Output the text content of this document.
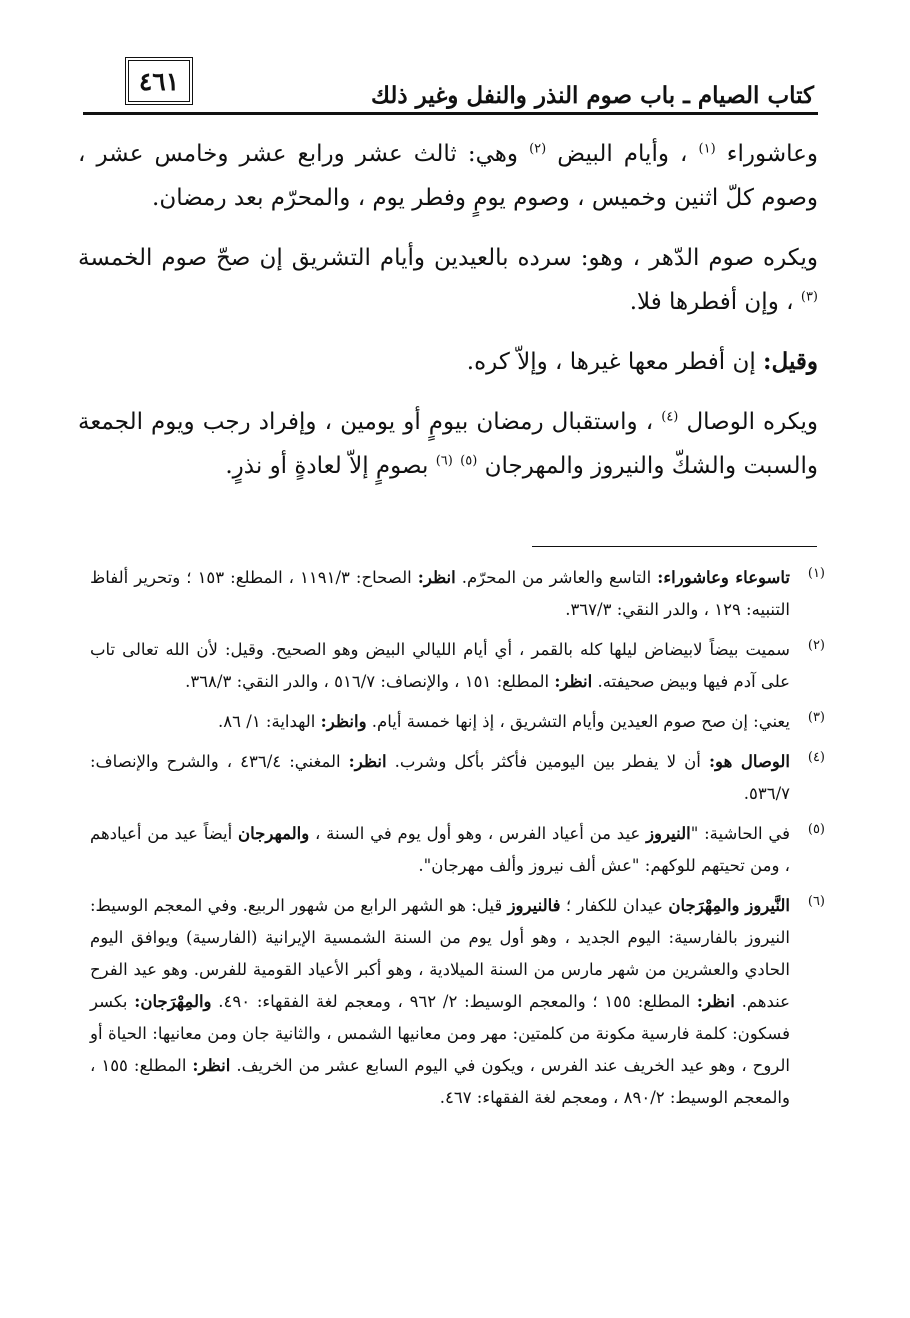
٤٦١	كتاب الصيام ـ باب صوم النذر والنفل وغير ذلك

وعاشوراء $^{(١)}$ ، وأيام البيض $^{(٢)}$ وهي: ثالث عشر ورابع عشر وخامس عشر ، وصوم كلّ اثنين وخميس ، وصوم يومٍ وفطر يوم ، والمحرّم بعد رمضان.

ويكره صوم الدّهر ، وهو: سرده بالعيدين وأيام التشريق إن صحّ صوم الخمسة $^{(٣)}$ ، وإن أفطرها فلا.

وقيل: إن أفطر معها غيرها ، وإلاّ كره.

ويكره الوصال $^{(٤)}$ ، واستقبال رمضان بيومٍ أو يومين ، وإفراد رجب ويوم الجمعة والسبت والشكّ والنيروز والمهرجان $^{(٥)}$ $^{(٦)}$ بصومٍ إلاّ لعادةٍ أو نذرٍ.

(١)
تاسوعاء وعاشوراء: التاسع والعاشر من المحرّم. انظر: الصحاح: ١١٩١/٣ ، المطلع: ١٥٣ ؛ وتحرير ألفاظ التنبيه: ١٢٩ ، والدر النقي: ٣٦٧/٣.
(٢)
سميت بيضاً لابيضاض ليلها كله بالقمر ، أي أيام الليالي البيض وهو الصحيح. وقيل: لأن الله تعالى تاب على آدم فيها وبيض صحيفته. انظر: المطلع: ١٥١ ، والإنصاف: ٥١٦/٧ ، والدر النقي: ٣٦٨/٣.
(٣)
يعني: إن صح صوم العيدين وأيام التشريق ، إذ إنها خمسة أيام. وانظر: الهداية: ١/ ٨٦.
(٤)
الوصال هو: أن لا يفطر بين اليومين فأكثر بأكل وشرب. انظر: المغني: ٤٣٦/٤ ، والشرح والإنصاف: ٥٣٦/٧.
(٥)
في الحاشية: "النيروز عيد من أعياد الفرس ، وهو أول يوم في السنة ، والمهرجان أيضاً عيد من أعيادهم ، ومن تحيتهم للوكهم: "عش ألف نيروز وألف مهرجان".
(٦)
النَّيروز والمِهْرَجان عيدان للكفار ؛ فالنيروز قيل: هو الشهر الرابع من شهور الربيع. وفي المعجم الوسيط: النيروز بالفارسية: اليوم الجديد ، وهو أول يوم من السنة الشمسية الإيرانية (الفارسية) ويوافق اليوم الحادي والعشرين من شهر مارس من السنة الميلادية ، وهو أكبر الأعياد القومية للفرس. وهو عيد الفرح عندهم. انظر: المطلع: ١٥٥ ؛ والمعجم الوسيط: ٢/ ٩٦٢ ، ومعجم لغة الفقهاء: ٤٩٠. والمِهْرَجان: بكسر فسكون: كلمة فارسية مكونة من كلمتين: مهر ومن معانيها الشمس ، والثانية جان ومن معانيها: الحياة أو الروح ، وهو عيد الخريف عند الفرس ، ويكون في اليوم السابع عشر من الخريف. انظر: المطلع: ١٥٥ ، والمعجم الوسيط: ٨٩٠/٢ ، ومعجم لغة الفقهاء: ٤٦٧.
